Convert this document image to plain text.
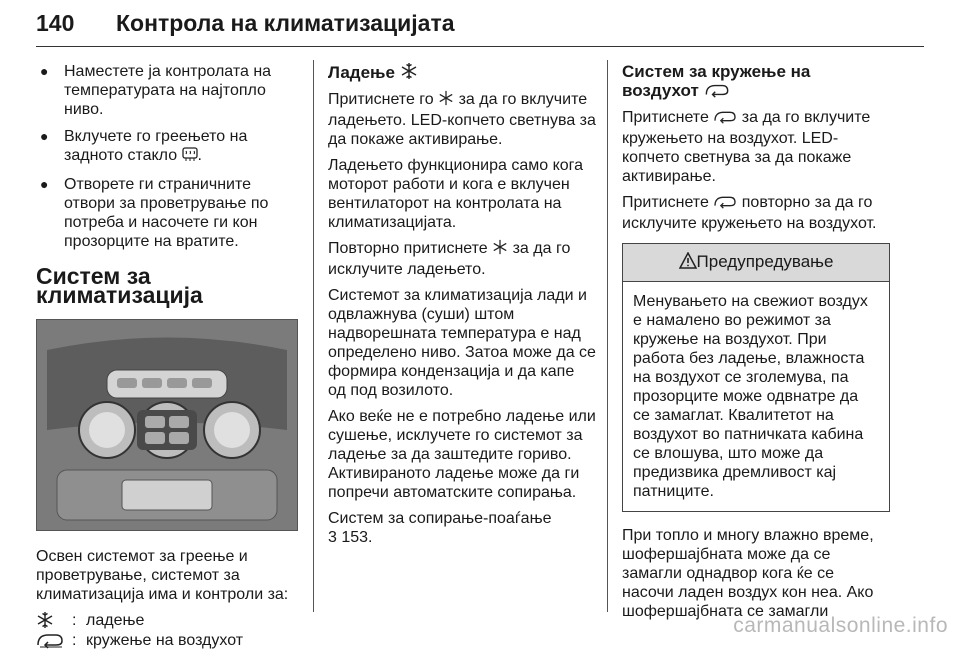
140 Контрола на климатизацијата
● Наместете ја контролата на температурата на најтопло ниво.
● Вклучете го греењето на задното стакло .
● Отворете ги страничните отвори за проветрување по потреба и насочете ги кон прозорците на вратите.
Систем за климатизација

Освен системот за греење и проветрување, системот за климатизација има и контроли за:

: ладење
: кружење на воздухот
Ладење

Притиснете го за да го вклучите ладењето. LED-копчето светнува за да покаже активирање.

Ладењето функционира само кога моторот работи и кога е вклучен вентилаторот на контролата на климатизацијата.

Повторно притиснете за да го исклучите ладењето.

Системот за климатизација лади и одвлажнува (суши) штом надворешната температура е над определено ниво. Затоа може да се формира кондензација и да капе од под возилото.

Ако веќе не е потребно ладење или сушење, исклучете го системот за ладење за да заштедите гориво. Активираното ладење може да ги попречи автоматските сопирања.

Систем за сопирање-поаѓање
3 153.

Систем за кружење на воздухот

Притиснете за да го вклучите кружењето на воздухот. LED-копчето светнува за да покаже активирање.

Притиснете повторно за да го исклучите кружењето на воздухот.

Предупредување
Менувањето на свежиот воздух е намалено во режимот за кружење на воздухот. При работа без ладење, влажноста на воздухот се зголемува, па прозорците може одвнатре да се замаглат. Квалитетот на воздухот во патничката кабина се влошува, што може да предизвика дремливост кај патниците.

При топло и многу влажно време, шофершајбната може да се замагли однадвор кога ќе се насочи ладен воздух кон неа. Ако шофершајбната се замагли

carmanualsonline.info
